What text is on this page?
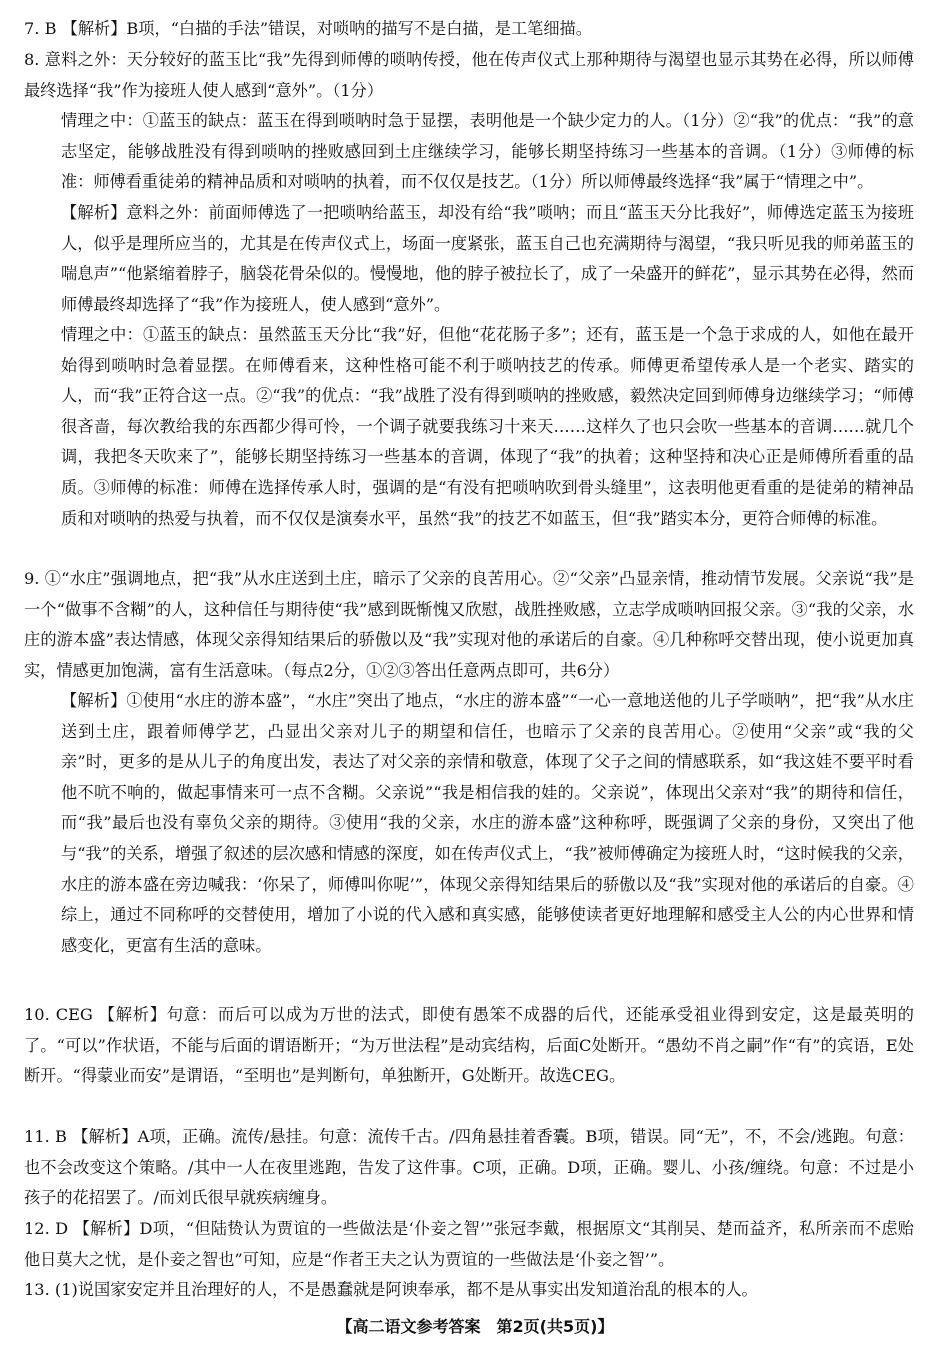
7. B 【解析】B项，“白描的手法”错误，对唢呐的描写不是白描，是工笔细描。
8. 意料之外：天分较好的蓝玉比“我”先得到师傅的唢呐传授，他在传声仪式上那种期待与渴望也显示其势在必得，所以师傅最终选择“我”作为接班人使人感到“意外”。（1分）
情理之中：①蓝玉的缺点：蓝玉在得到唢呐时急于显摆，表明他是一个缺少定力的人。（1分）②“我”的优点：“我”的意志坚定，能够战胜没有得到唢呐的挫败感回到土庄继续学习，能够长期坚持练习一些基本的音调。（1分）③师傅的标准：师傅看重徒弟的精神品质和对唢呐的执着，而不仅仅是技艺。（1分）所以师傅最终选择“我”属于“情理之中”。
【解析】意料之外：前面师傅选了一把唢呐给蓝玉，却没有给“我”唢呐；而且“蓝玉天分比我好”，师傅选定蓝玉为接班人，似乎是理所应当的，尤其是在传声仪式上，场面一度紧张，蓝玉自己也充满期待与渴望，“我只听见我的师弟蓝玉的喘息声”“他紧缩着脖子，脑袋花骨朵似的。慢慢地，他的脖子被拉长了，成了一朵盛开的鲜花”，显示其势在必得，然而师傅最终却选择了“我”作为接班人，使人感到“意外”。
情理之中：①蓝玉的缺点：虽然蓝玉天分比“我”好，但他“花花肠子多”；还有，蓝玉是一个急于求成的人，如他在最开始得到唢呐时急着显摆。在师傅看来，这种性格可能不利于唢呐技艺的传承。师傅更希望传承人是一个老实、踏实的人，而“我”正符合这一点。②“我”的优点：“我”战胜了没有得到唢呐的挫败感，毅然决定回到师傅身边继续学习；“师傅很吝啬，每次教给我的东西都少得可怜，一个调子就要我练习十来天……这样久了也只会吹一些基本的音调……就几个调，我把冬天吹来了”，能够长期坚持练习一些基本的音调，体现了“我”的执着；这种坚持和决心正是师傅所看重的品质。③师傅的标准：师傅在选择传承人时，强调的是“有没有把唢呐吹到骨头缝里”，这表明他更看重的是徒弟的精神品质和对唢呐的热爱与执着，而不仅仅是演奏水平，虽然“我”的技艺不如蓝玉，但“我”踏实本分，更符合师傅的标准。
9. ①“水庄”强调地点，把“我”从水庄送到土庄，暗示了父亲的良苦用心。②“父亲”凸显亲情，推动情节发展。父亲说“我”是一个“做事不含糊”的人，这种信任与期待使“我”感到既惭愧又欣慰，战胜挫败感，立志学成唢呐回报父亲。③“我的父亲，水庄的游本盛”表达情感，体现父亲得知结果后的骄傲以及“我”实现对他的承诺后的自豪。④几种称呼交替出现，使小说更加真实，情感更加饱满，富有生活意味。（每点2分，①②③答出任意两点即可，共6分）
【解析】①使用“水庄的游本盛”，“水庄”突出了地点，“水庄的游本盛”“一心一意地送他的儿子学唢呐”，把“我”从水庄送到土庄，跟着师傅学艺，凸显出父亲对儿子的期望和信任，也暗示了父亲的良苦用心。②使用“父亲”或“我的父亲”时，更多的是从儿子的角度出发，表达了对父亲的亲情和敬意，体现了父子之间的情感联系，如“我这娃不要平时看他不吭不响的，做起事情来可一点不含糊。父亲说”“我是相信我的娃的。父亲说”，体现出父亲对“我”的期待和信任，而“我”最后也没有辜负父亲的期待。③使用“我的父亲，水庄的游本盛”这种称呼，既强调了父亲的身份，又突出了他与“我”的关系，增强了叙述的层次感和情感的深度，如在传声仪式上，“我”被师傅确定为接班人时，“这时候我的父亲，水庄的游本盛在旁边喊我：‘你呆了，师傅叫你呢’”，体现父亲得知结果后的骄傲以及“我”实现对他的承诺后的自豪。④综上，通过不同称呼的交替使用，增加了小说的代入感和真实感，能够使读者更好地理解和感受主人公的内心世界和情感变化，更富有生活的意味。
10. CEG 【解析】句意：而后可以成为万世的法式，即使有愚笨不成器的后代，还能承受祖业得到安定，这是最英明的了。“可以”作状语，不能与后面的谓语断开；“为万世法程”是动宾结构，后面C处断开。“愚幼不肖之嗣”作“有”的宾语，E处断开。“得蒙业而安”是谓语，“至明也”是判断句，单独断开，G处断开。故选CEG。
11. B 【解析】A项，正确。流传/悬挂。句意：流传千古。/四角悬挂着香囊。B项，错误。同“无”，不，不会/逃跑。句意：也不会改变这个策略。/其中一人在夜里逃跑，告发了这件事。C项，正确。D项，正确。婴儿、小孩/缠绕。句意：不过是小孩子的花招罢了。/而刘氏很早就疾病缠身。
12. D 【解析】D项，“但陆贽认为贾谊的一些做法是‘仆妾之智’”张冠李戴，根据原文“其削吴、楚而益齐，私所亲而不虑贻他日莫大之忧，是仆妾之智也”可知，应是“作者王夫之认为贾谊的一些做法是‘仆妾之智’”。
13. (1)说国家安定并且治理好的人，不是愚蠢就是阿谀奉承，都不是从事实出发知道治乱的根本的人。
【高二语文参考答案　第2页(共5页)】
